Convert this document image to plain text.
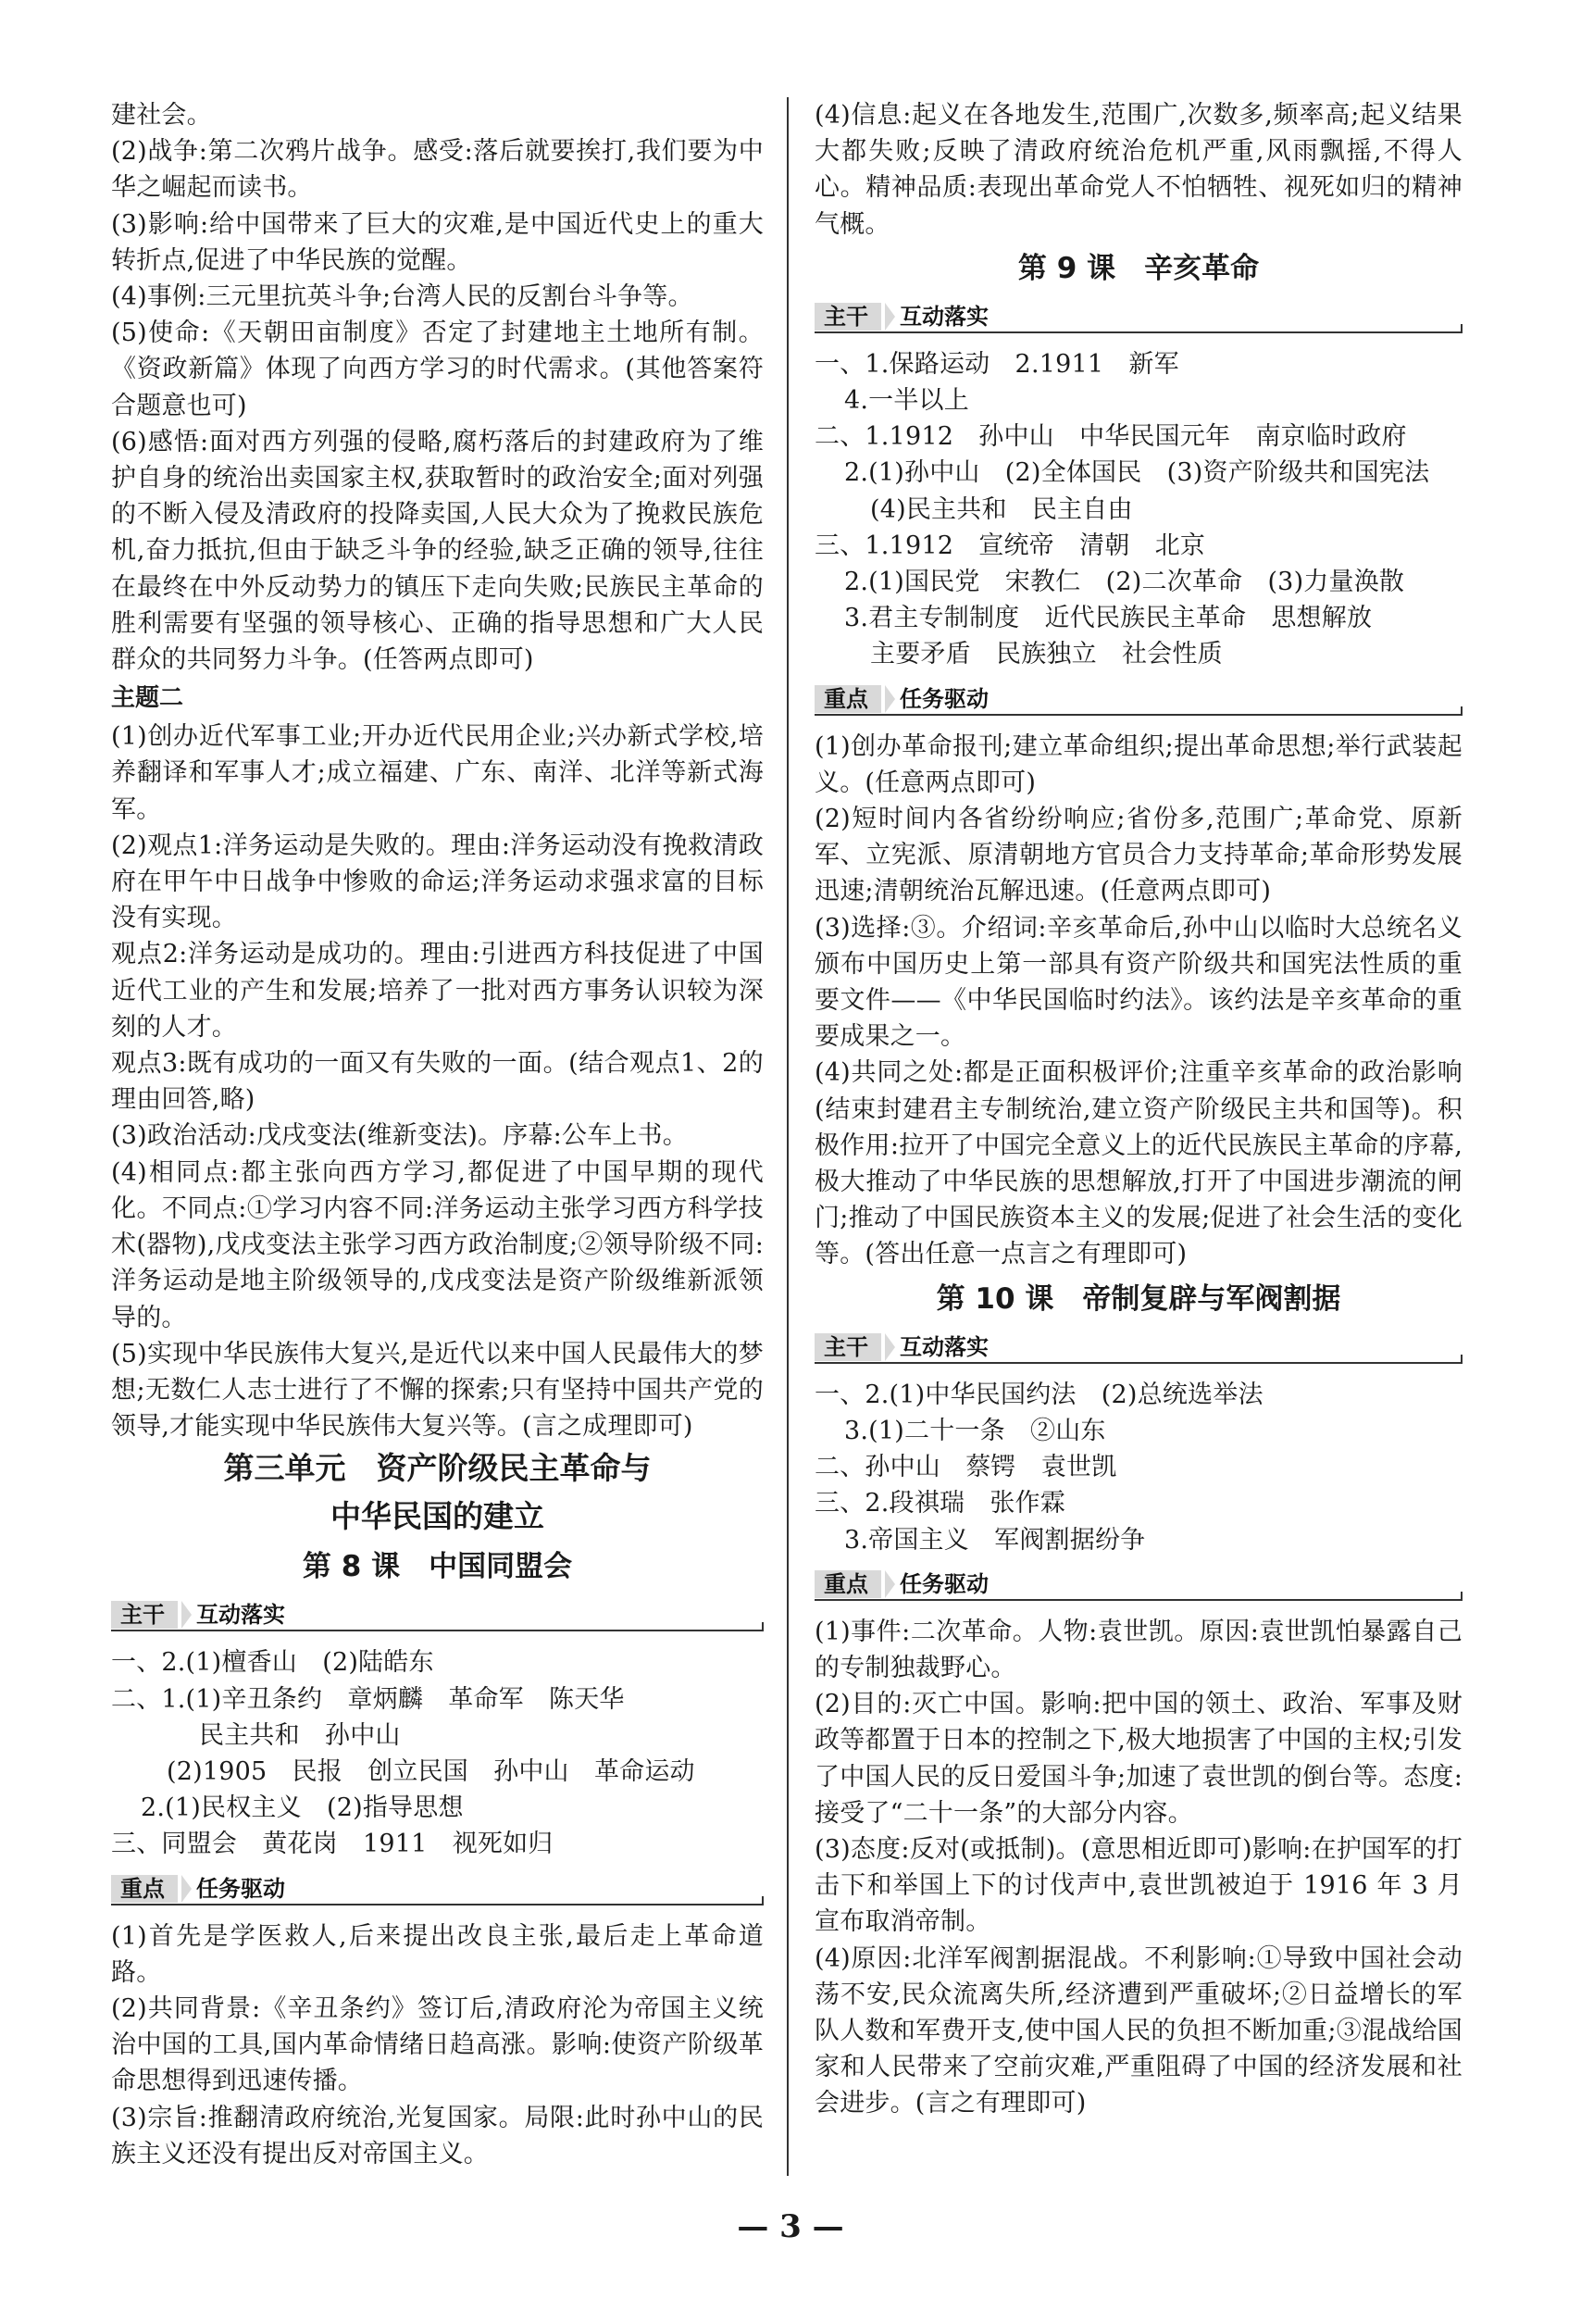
建社会。

(2)战争:第二次鸦片战争。感受:落后就要挨打,我们要为中华之崛起而读书。

(3)影响:给中国带来了巨大的灾难,是中国近代史上的重大转折点,促进了中华民族的觉醒。

(4)事例:三元里抗英斗争;台湾人民的反割台斗争等。

(5)使命:《天朝田亩制度》否定了封建地主土地所有制。《资政新篇》体现了向西方学习的时代需求。(其他答案符合题意也可)

(6)感悟:面对西方列强的侵略,腐朽落后的封建政府为了维护自身的统治出卖国家主权,获取暂时的政治安全;面对列强的不断入侵及清政府的投降卖国,人民大众为了挽救民族危机,奋力抵抗,但由于缺乏斗争的经验,缺乏正确的领导,往往在最终在中外反动势力的镇压下走向失败;民族民主革命的胜利需要有坚强的领导核心、正确的指导思想和广大人民群众的共同努力斗争。(任答两点即可)

主题二

(1)创办近代军事工业;开办近代民用企业;兴办新式学校,培养翻译和军事人才;成立福建、广东、南洋、北洋等新式海军。

(2)观点1:洋务运动是失败的。理由:洋务运动没有挽救清政府在甲午中日战争中惨败的命运;洋务运动求强求富的目标没有实现。

观点2:洋务运动是成功的。理由:引进西方科技促进了中国近代工业的产生和发展;培养了一批对西方事务认识较为深刻的人才。

观点3:既有成功的一面又有失败的一面。(结合观点1、2的理由回答,略)

(3)政治活动:戊戌变法(维新变法)。序幕:公车上书。

(4)相同点:都主张向西方学习,都促进了中国早期的现代化。不同点:①学习内容不同:洋务运动主张学习西方科学技术(器物),戊戌变法主张学习西方政治制度;②领导阶级不同:洋务运动是地主阶级领导的,戊戌变法是资产阶级维新派领导的。

(5)实现中华民族伟大复兴,是近代以来中国人民最伟大的梦想;无数仁人志士进行了不懈的探索;只有坚持中国共产党的领导,才能实现中华民族伟大复兴等。(言之成理即可)

第三单元　资产阶级民主革命与

中华民国的建立

第 8 课　中国同盟会

主干	互动落实

一、2.(1)檀香山　(2)陆皓东

二、1.(1)辛丑条约　章炳麟　革命军　陈天华

民主共和　孙中山

(2)1905　民报　创立民国　孙中山　革命运动

2.(1)民权主义　(2)指导思想

三、同盟会　黄花岗　1911　视死如归

重点	任务驱动

(1)首先是学医救人,后来提出改良主张,最后走上革命道路。

(2)共同背景:《辛丑条约》签订后,清政府沦为帝国主义统治中国的工具,国内革命情绪日趋高涨。影响:使资产阶级革命思想得到迅速传播。

(3)宗旨:推翻清政府统治,光复国家。局限:此时孙中山的民族主义还没有提出反对帝国主义。

(4)信息:起义在各地发生,范围广,次数多,频率高;起义结果大都失败;反映了清政府统治危机严重,风雨飘摇,不得人心。精神品质:表现出革命党人不怕牺牲、视死如归的精神气概。

第 9 课　辛亥革命

主干	互动落实

一、1.保路运动　2.1911　新军

4.一半以上

二、1.1912　孙中山　中华民国元年　南京临时政府

2.(1)孙中山　(2)全体国民　(3)资产阶级共和国宪法

(4)民主共和　民主自由

三、1.1912　宣统帝　清朝　北京

2.(1)国民党　宋教仁　(2)二次革命　(3)力量涣散

3.君主专制制度　近代民族民主革命　思想解放

主要矛盾　民族独立　社会性质

重点	任务驱动

(1)创办革命报刊;建立革命组织;提出革命思想;举行武装起义。(任意两点即可)

(2)短时间内各省纷纷响应;省份多,范围广;革命党、原新军、立宪派、原清朝地方官员合力支持革命;革命形势发展迅速;清朝统治瓦解迅速。(任意两点即可)

(3)选择:③。介绍词:辛亥革命后,孙中山以临时大总统名义颁布中国历史上第一部具有资产阶级共和国宪法性质的重要文件——《中华民国临时约法》。该约法是辛亥革命的重要成果之一。

(4)共同之处:都是正面积极评价;注重辛亥革命的政治影响(结束封建君主专制统治,建立资产阶级民主共和国等)。积极作用:拉开了中国完全意义上的近代民族民主革命的序幕,极大推动了中华民族的思想解放,打开了中国进步潮流的闸门;推动了中国民族资本主义的发展;促进了社会生活的变化等。(答出任意一点言之有理即可)

第 10 课　帝制复辟与军阀割据

主干	互动落实

一、2.(1)中华民国约法　(2)总统选举法

3.(1)二十一条　②山东

二、孙中山　蔡锷　袁世凯

三、2.段祺瑞　张作霖

3.帝国主义　军阀割据纷争

重点	任务驱动

(1)事件:二次革命。人物:袁世凯。原因:袁世凯怕暴露自己的专制独裁野心。

(2)目的:灭亡中国。影响:把中国的领土、政治、军事及财政等都置于日本的控制之下,极大地损害了中国的主权;引发了中国人民的反日爱国斗争;加速了袁世凯的倒台等。态度:接受了“二十一条”的大部分内容。

(3)态度:反对(或抵制)。(意思相近即可)影响:在护国军的打击下和举国上下的讨伐声中,袁世凯被迫于 1916 年 3 月宣布取消帝制。

(4)原因:北洋军阀割据混战。不利影响:①导致中国社会动荡不安,民众流离失所,经济遭到严重破坏;②日益增长的军队人数和军费开支,使中国人民的负担不断加重;③混战给国家和人民带来了空前灾难,严重阻碍了中国的经济发展和社会进步。(言之有理即可)

— 3 —
